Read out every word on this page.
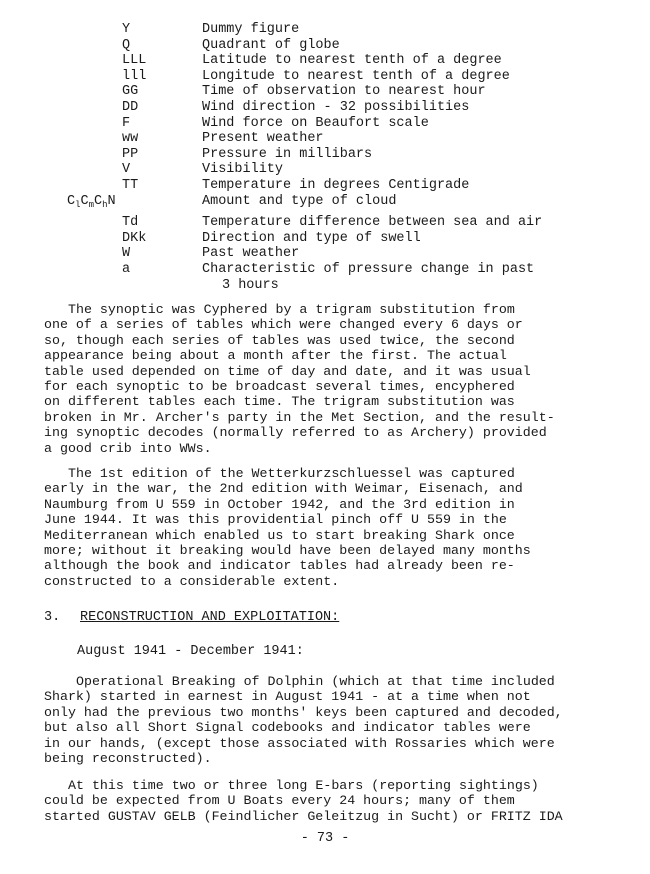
Y	Dummy figure
Q	Quadrant of globe
LLL	Latitude to nearest tenth of a degree
lll	Longitude to nearest tenth of a degree
GG	Time of observation to nearest hour
DD	Wind direction - 32 possibilities
F	Wind force on Beaufort scale
ww	Present weather
PP	Pressure in millibars
V	Visibility
TT	Temperature in degrees Centigrade
$C_lC_mC_hN$	Amount and type of cloud
Td	Temperature difference between sea and air
DKk	Direction and type of swell
W	Past weather
a	Characteristic of pressure change in past
3 hours
The synoptic was Cyphered by a trigram substitution from
one of a series of tables which were changed every 6 days or
so, though each series of tables was used twice, the second
appearance being about a month after the first. The actual
table used depended on time of day and date, and it was usual
for each synoptic to be broadcast several times, encyphered
on different tables each time. The trigram substitution was
broken in Mr. Archer's party in the Met Section, and the result-
ing synoptic decodes (normally referred to as Archery) provided
a good crib into WWs.
The 1st edition of the Wetterkurzschluessel was captured
early in the war, the 2nd edition with Weimar, Eisenach, and
Naumburg from U 559 in October 1942, and the 3rd edition in
June 1944. It was this providential pinch off U 559 in the
Mediterranean which enabled us to start breaking Shark once
more; without it breaking would have been delayed many months
although the book and indicator tables had already been re-
constructed to a considerable extent.
3. RECONSTRUCTION AND EXPLOITATION:
August 1941 - December 1941:
Operational Breaking of Dolphin (which at that time included
Shark) started in earnest in August 1941 - at a time when not
only had the previous two months' keys been captured and decoded,
but also all Short Signal codebooks and indicator tables were
in our hands, (except those associated with Rossaries which were
being reconstructed).
At this time two or three long E-bars (reporting sightings)
could be expected from U Boats every 24 hours; many of them
started GUSTAV GELB (Feindlicher Geleitzug in Sucht) or FRITZ IDA
- 73 -
